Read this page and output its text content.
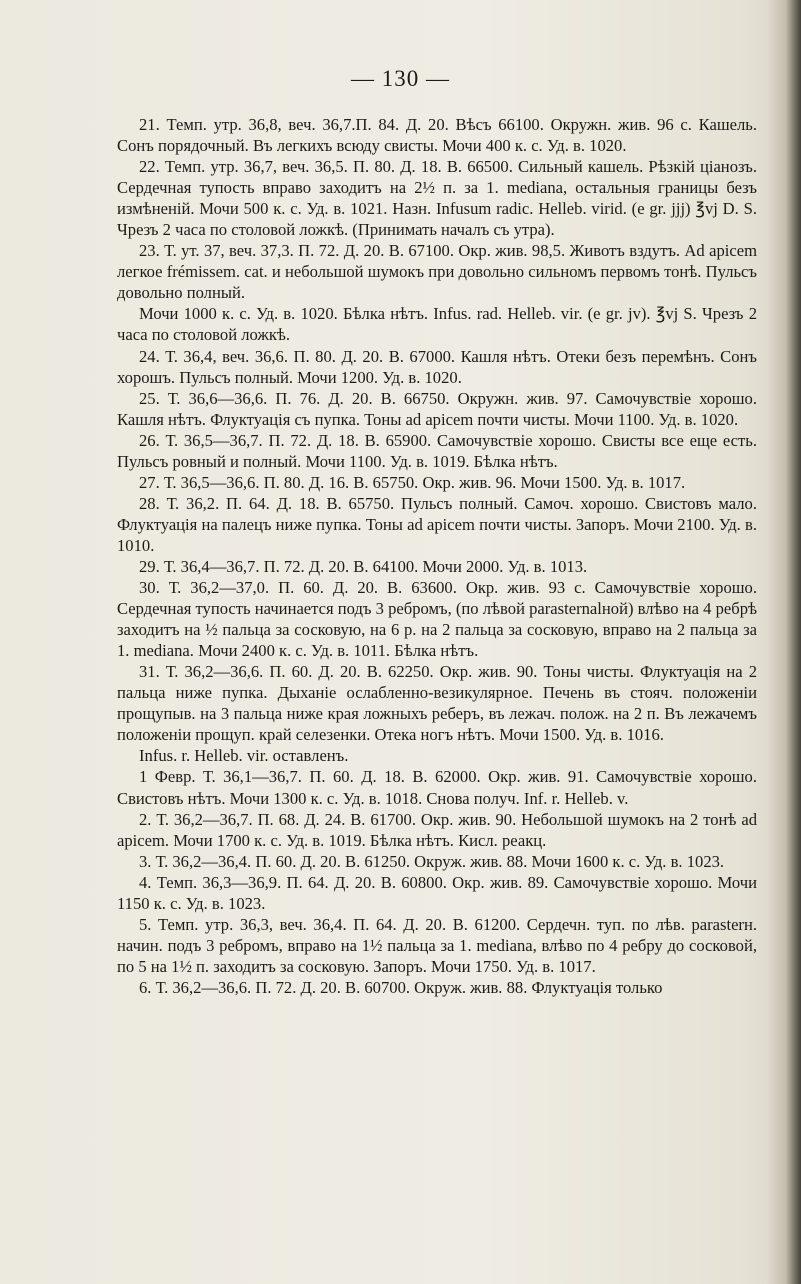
— 130 —

21. Темп. утр. 36,8, веч. 36,7.П. 84. Д. 20. Вѣсъ 66100. Окружн. жив. 96 с. Кашель. Сонъ порядочный. Въ легкихъ всюду свисты. Мочи 400 к. с. Уд. в. 1020.

22. Темп. утр. 36,7, веч. 36,5. П. 80. Д. 18. В. 66500. Сильный кашель. Рѣзкій ціанозъ. Сердечная тупость вправо заходитъ на 2½ п. за 1. mediana, остальныя границы безъ измѣненій. Мочи 500 к. с. Уд. в. 1021. Назн. Infusum radic. Helleb. virid. (e gr. jjj) ℥vj D. S. Чрезъ 2 часа по столовой ложкѣ. (Принимать началъ съ утра).

23. Т. ут. 37, веч. 37,3. П. 72. Д. 20. В. 67100. Окр. жив. 98,5. Животъ вздутъ. Ad apicem легкое frémissem. cat. и небольшой шумокъ при довольно сильномъ первомъ тонѣ. Пульсъ довольно полный.

Мочи 1000 к. с. Уд. в. 1020. Бѣлка нѣтъ. Infus. rad. Helleb. vir. (e gr. jv). ℥vj S. Чрезъ 2 часа по столовой ложкѣ.

24. Т. 36,4, веч. 36,6. П. 80. Д. 20. В. 67000. Кашля нѣтъ. Отеки безъ перемѣнъ. Сонъ хорошъ. Пульсъ полный. Мочи 1200. Уд. в. 1020.

25. Т. 36,6—36,6. П. 76. Д. 20. В. 66750. Окружн. жив. 97. Самочувствіе хорошо. Кашля нѣтъ. Флуктуація съ пупка. Тоны ad apicem почти чисты. Мочи 1100. Уд. в. 1020.

26. Т. 36,5—36,7. П. 72. Д. 18. В. 65900. Самочувствіе хорошо. Свисты все еще есть. Пульсъ ровный и полный. Мочи 1100. Уд. в. 1019. Бѣлка нѣтъ.

27. Т. 36,5—36,6. П. 80. Д. 16. В. 65750. Окр. жив. 96. Мочи 1500. Уд. в. 1017.

28. Т. 36,2. П. 64. Д. 18. В. 65750. Пульсъ полный. Самоч. хорошо. Свистовъ мало. Флуктуація на палецъ ниже пупка. Тоны ad apicem почти чисты. Запоръ. Мочи 2100. Уд. в. 1010.

29. Т. 36,4—36,7. П. 72. Д. 20. В. 64100. Мочи 2000. Уд. в. 1013.

30. Т. 36,2—37,0. П. 60. Д. 20. В. 63600. Окр. жив. 93 с. Самочувствіе хорошо. Сердечная тупость начинается подъ 3 ребромъ, (по лѣвой parasternalной) влѣво на 4 ребрѣ заходитъ на ½ пальца за сосковую, на 6 р. на 2 пальца за сосковую, вправо на 2 пальца за 1. mediana. Мочи 2400 к. с. Уд. в. 1011. Бѣлка нѣтъ.

31. Т. 36,2—36,6. П. 60. Д. 20. В. 62250. Окр. жив. 90. Тоны чисты. Флуктуація на 2 пальца ниже пупка. Дыханіе ослабленно-везикулярное. Печень въ стояч. положеніи прощупыв. на 3 пальца ниже края ложныхъ реберъ, въ лежач. полож. на 2 п. Въ лежачемъ положеніи прощуп. край селезенки. Отека ногъ нѣтъ. Мочи 1500. Уд. в. 1016.

Infus. r. Helleb. vir. оставленъ.

1 Февр. Т. 36,1—36,7. П. 60. Д. 18. В. 62000. Окр. жив. 91. Самочувствіе хорошо. Свистовъ нѣтъ. Мочи 1300 к. с. Уд. в. 1018. Снова получ. Inf. r. Helleb. v.

2. Т. 36,2—36,7. П. 68. Д. 24. В. 61700. Окр. жив. 90. Небольшой шумокъ на 2 тонѣ ad apicem. Мочи 1700 к. с. Уд. в. 1019. Бѣлка нѣтъ. Кисл. реакц.

3. Т. 36,2—36,4. П. 60. Д. 20. В. 61250. Окруж. жив. 88. Мочи 1600 к. с. Уд. в. 1023.

4. Темп. 36,3—36,9. П. 64. Д. 20. В. 60800. Окр. жив. 89. Самочувствіе хорошо. Мочи 1150 к. с. Уд. в. 1023.

5. Темп. утр. 36,3, веч. 36,4. П. 64. Д. 20. В. 61200. Сердечн. туп. по лѣв. parasterн. начин. подъ 3 ребромъ, вправо на 1½ пальца за 1. mediana, влѣво по 4 ребру до сосковой, по 5 на 1½ п. заходитъ за сосковую. Запоръ. Мочи 1750. Уд. в. 1017.

6. Т. 36,2—36,6. П. 72. Д. 20. В. 60700. Окруж. жив. 88. Флуктуація только
